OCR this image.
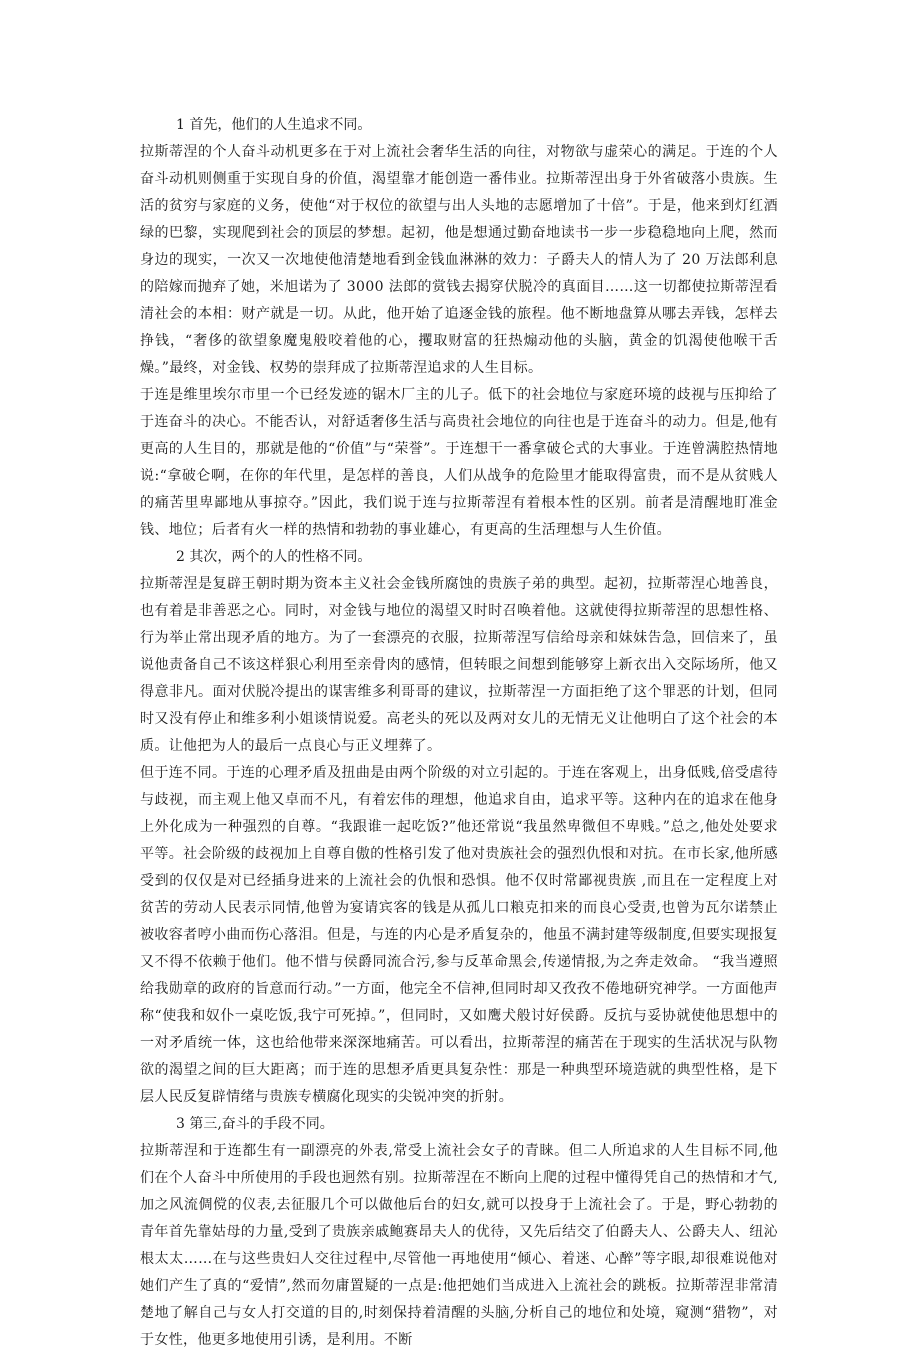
1 首先，他们的人生追求不同。

拉斯蒂涅的个人奋斗动机更多在于对上流社会奢华生活的向往，对物欲与虚荣心的满足。于连的个人奋斗动机则侧重于实现自身的价值，渴望靠才能创造一番伟业。拉斯蒂涅出身于外省破落小贵族。生活的贫穷与家庭的义务，使他“对于权位的欲望与出人头地的志愿增加了十倍”。于是，他来到灯红酒绿的巴黎，实现爬到社会的顶层的梦想。起初，他是想通过勤奋地读书一步一步稳稳地向上爬，然而身边的现实，一次又一次地使他清楚地看到金钱血淋淋的效力：子爵夫人的情人为了 20 万法郎利息的陪嫁而抛弃了她，米旭诺为了 3000 法郎的赏钱去揭穿伏脱冷的真面目……这一切都使拉斯蒂涅看清社会的本相：财产就是一切。从此，他开始了追逐金钱的旅程。他不断地盘算从哪去弄钱，怎样去挣钱，“奢侈的欲望象魔鬼般咬着他的心，攫取财富的狂热煽动他的头脑，黄金的饥渴使他喉干舌燥。”最终，对金钱、权势的崇拜成了拉斯蒂涅追求的人生目标。

于连是维里埃尔市里一个已经发迹的锯木厂主的儿子。低下的社会地位与家庭环境的歧视与压抑给了于连奋斗的决心。不能否认，对舒适奢侈生活与高贵社会地位的向往也是于连奋斗的动力。但是,他有更高的人生目的，那就是他的“价值”与“荣誉”。于连想干一番拿破仑式的大事业。于连曾满腔热情地说:“拿破仑啊，在你的年代里，是怎样的善良，人们从战争的危险里才能取得富贵，而不是从贫贱人的痛苦里卑鄙地从事掠夺。”因此，我们说于连与拉斯蒂涅有着根本性的区别。前者是清醒地盯准金钱、地位；后者有火一样的热情和勃勃的事业雄心，有更高的生活理想与人生价值。

2 其次，两个的人的性格不同。

拉斯蒂涅是复辟王朝时期为资本主义社会金钱所腐蚀的贵族子弟的典型。起初，拉斯蒂涅心地善良，也有着是非善恶之心。同时，对金钱与地位的渴望又时时召唤着他。这就使得拉斯蒂涅的思想性格、行为举止常出现矛盾的地方。为了一套漂亮的衣服，拉斯蒂涅写信给母亲和妹妹告急，回信来了，虽说他责备自己不该这样狠心利用至亲骨肉的感情，但转眼之间想到能够穿上新衣出入交际场所，他又得意非凡。面对伏脱冷提出的谋害维多利哥哥的建议，拉斯蒂涅一方面拒绝了这个罪恶的计划，但同时又没有停止和维多利小姐谈情说爱。高老头的死以及两对女儿的无情无义让他明白了这个社会的本质。让他把为人的最后一点良心与正义埋葬了。

但于连不同。于连的心理矛盾及扭曲是由两个阶级的对立引起的。于连在客观上，出身低贱,倍受虐待与歧视，而主观上他又卓而不凡，有着宏伟的理想，他追求自由，追求平等。这种内在的追求在他身上外化成为一种强烈的自尊。“我跟谁一起吃饭?”他还常说“我虽然卑微但不卑贱。”总之,他处处要求平等。社会阶级的歧视加上自尊自傲的性格引发了他对贵族社会的强烈仇恨和对抗。在市长家,他所感受到的仅仅是对已经插身进来的上流社会的仇恨和恐惧。他不仅时常鄙视贵族 ,而且在一定程度上对贫苦的劳动人民表示同情,他曾为宴请宾客的钱是从孤儿口粮克扣来的而良心受责,也曾为瓦尔诺禁止被收容者哼小曲而伤心落泪。但是，与连的内心是矛盾复杂的，他虽不满封建等级制度,但要实现报复又不得不依赖于他们。他不惜与侯爵同流合污,参与反革命黑会,传递情报,为之奔走效命。 “我当遵照给我勋章的政府的旨意而行动。”一方面，他完全不信神,但同时却又孜孜不倦地研究神学。一方面他声称“使我和奴仆一桌吃饭,我宁可死掉。”，但同时，又如鹰犬般讨好侯爵。反抗与妥协就使他思想中的一对矛盾统一体，这也给他带来深深地痛苦。可以看出，拉斯蒂涅的痛苦在于现实的生活状况与队物欲的渴望之间的巨大距离；而于连的思想矛盾更具复杂性：那是一种典型环境造就的典型性格，是下层人民反复辟情绪与贵族专横腐化现实的尖锐冲突的折射。

3 第三,奋斗的手段不同。

拉斯蒂涅和于连都生有一副漂亮的外表,常受上流社会女子的青睐。但二人所追求的人生目标不同,他们在个人奋斗中所使用的手段也迥然有别。拉斯蒂涅在不断向上爬的过程中懂得凭自己的热情和才气,加之风流倜傥的仪表,去征服几个可以做他后台的妇女,就可以投身于上流社会了。于是，野心勃勃的青年首先靠姑母的力量,受到了贵族亲戚鲍赛昂夫人的优待，又先后结交了伯爵夫人、公爵夫人、纽沁根太太……在与这些贵妇人交往过程中,尽管他一再地使用“倾心、着迷、心醉”等字眼,却很难说他对她们产生了真的“爱情”,然而勿庸置疑的一点是:他把她们当成进入上流社会的跳板。拉斯蒂涅非常清楚地了解自己与女人打交道的目的,时刻保持着清醒的头脑,分析自己的地位和处境，窥测“猎物”，对于女性，他更多地使用引诱，是利用。不断
